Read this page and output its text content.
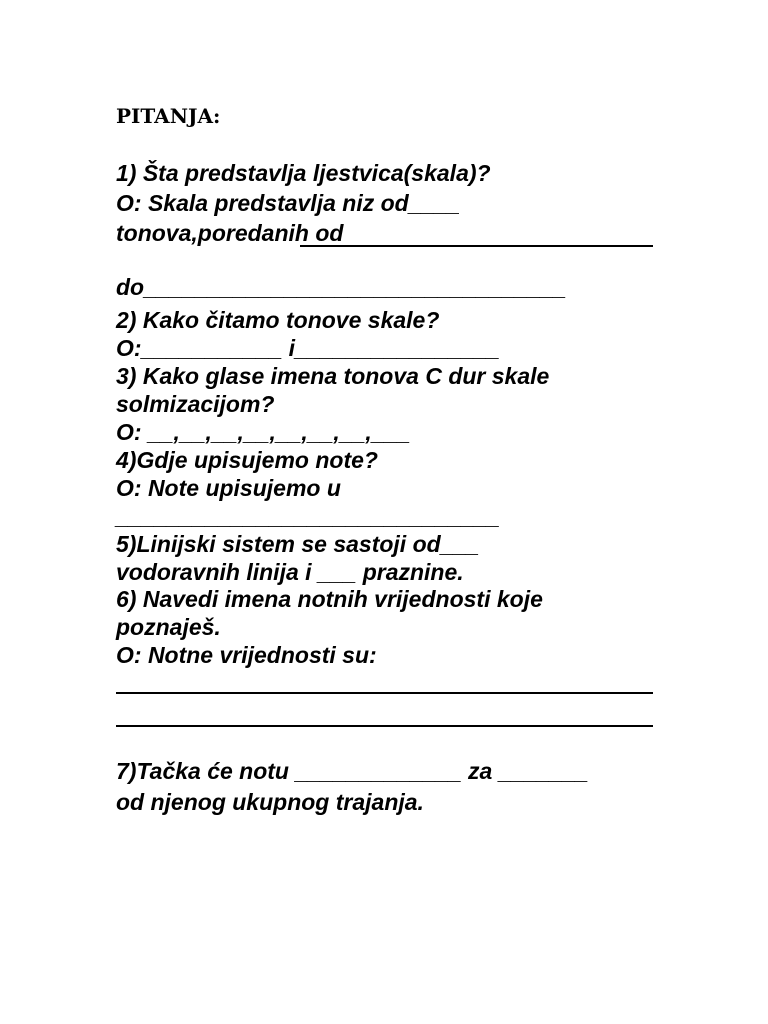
PITANJA:
1) Šta predstavlja ljestvica(skala)?
O: Skala predstavlja niz od____
tonova,poredanih od
do_________________________________
2) Kako čitamo tonove skale?
O:___________ i________________
3) Kako glase imena tonova C dur skale
solmizacijom?
O: __,__,__,__,__,__,__,___
4)Gdje upisujemo note?
O: Note upisujemo u
______________________________
5)Linijski sistem se sastoji od___
vodoravnih linija i ___ praznine.
6) Navedi imena notnih vrijednosti koje
poznaješ.
O: Notne vrijednosti su:
7)Tačka će notu _____________ za _______
od njenog ukupnog trajanja.
